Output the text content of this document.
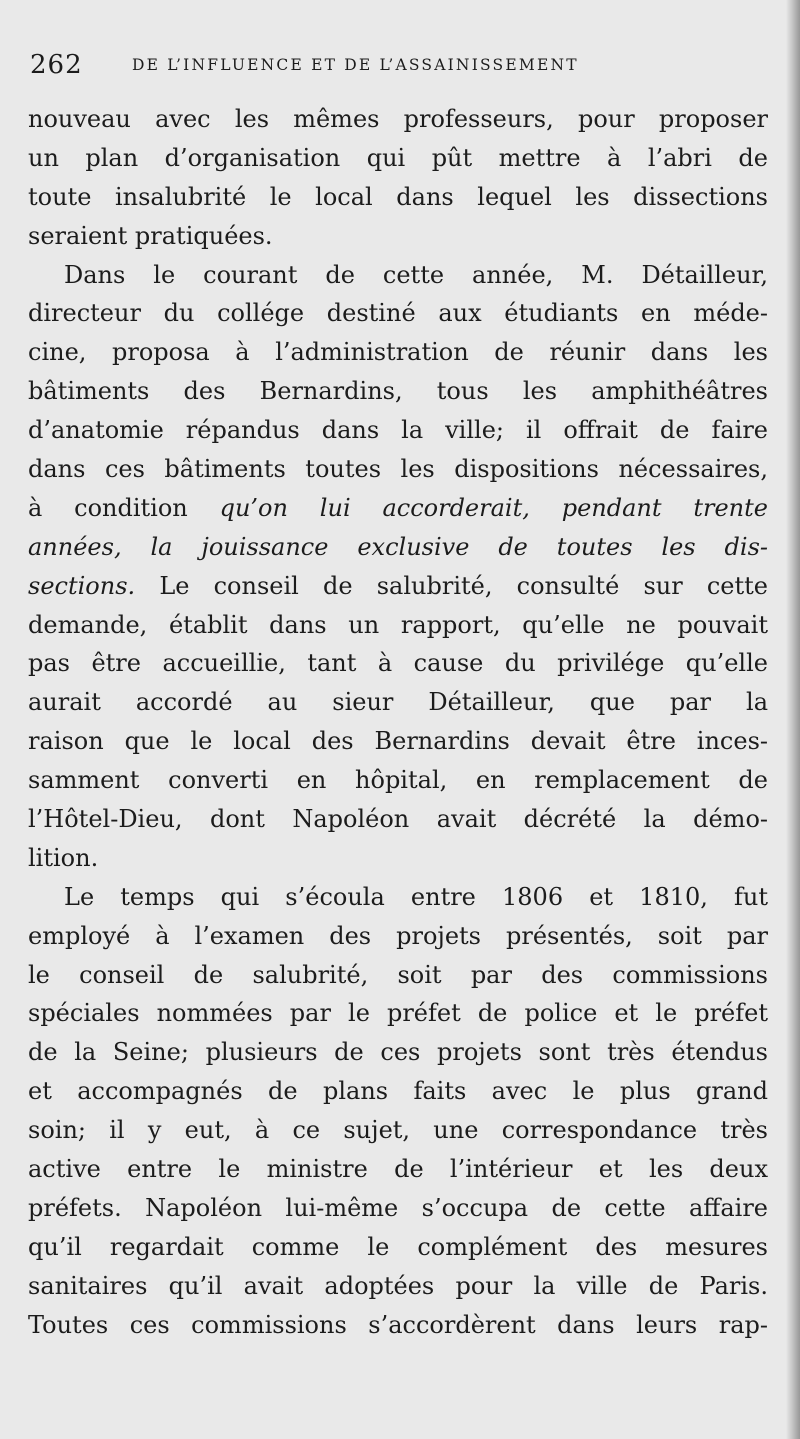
262	DE L’INFLUENCE ET DE L’ASSAINISSEMENT
nouveau avec les mêmes professeurs, pour proposer
un plan d’organisation qui pût mettre à l’abri de
toute insalubrité le local dans lequel les dissections
seraient pratiquées.
Dans le courant de cette année, M. Détailleur,
directeur du collége destiné aux étudiants en méde-
cine, proposa à l’administration de réunir dans les
bâtiments des Bernardins, tous les amphithéâtres
d’anatomie répandus dans la ville; il offrait de faire
dans ces bâtiments toutes les dispositions nécessaires,
à condition qu’on lui accorderait, pendant trente
années, la jouissance exclusive de toutes les dis-
sections. Le conseil de salubrité, consulté sur cette
demande, établit dans un rapport, qu’elle ne pouvait
pas être accueillie, tant à cause du privilége qu’elle
aurait accordé au sieur Détailleur, que par la
raison que le local des Bernardins devait être inces-
samment converti en hôpital, en remplacement de
l’Hôtel-Dieu, dont Napoléon avait décrété la démo-
lition.
Le temps qui s’écoula entre 1806 et 1810, fut
employé à l’examen des projets présentés, soit par
le conseil de salubrité, soit par des commissions
spéciales nommées par le préfet de police et le préfet
de la Seine; plusieurs de ces projets sont très étendus
et accompagnés de plans faits avec le plus grand
soin; il y eut, à ce sujet, une correspondance très
active entre le ministre de l’intérieur et les deux
préfets. Napoléon lui-même s’occupa de cette affaire
qu’il regardait comme le complément des mesures
sanitaires qu’il avait adoptées pour la ville de Paris.
Toutes ces commissions s’accordèrent dans leurs rap-
